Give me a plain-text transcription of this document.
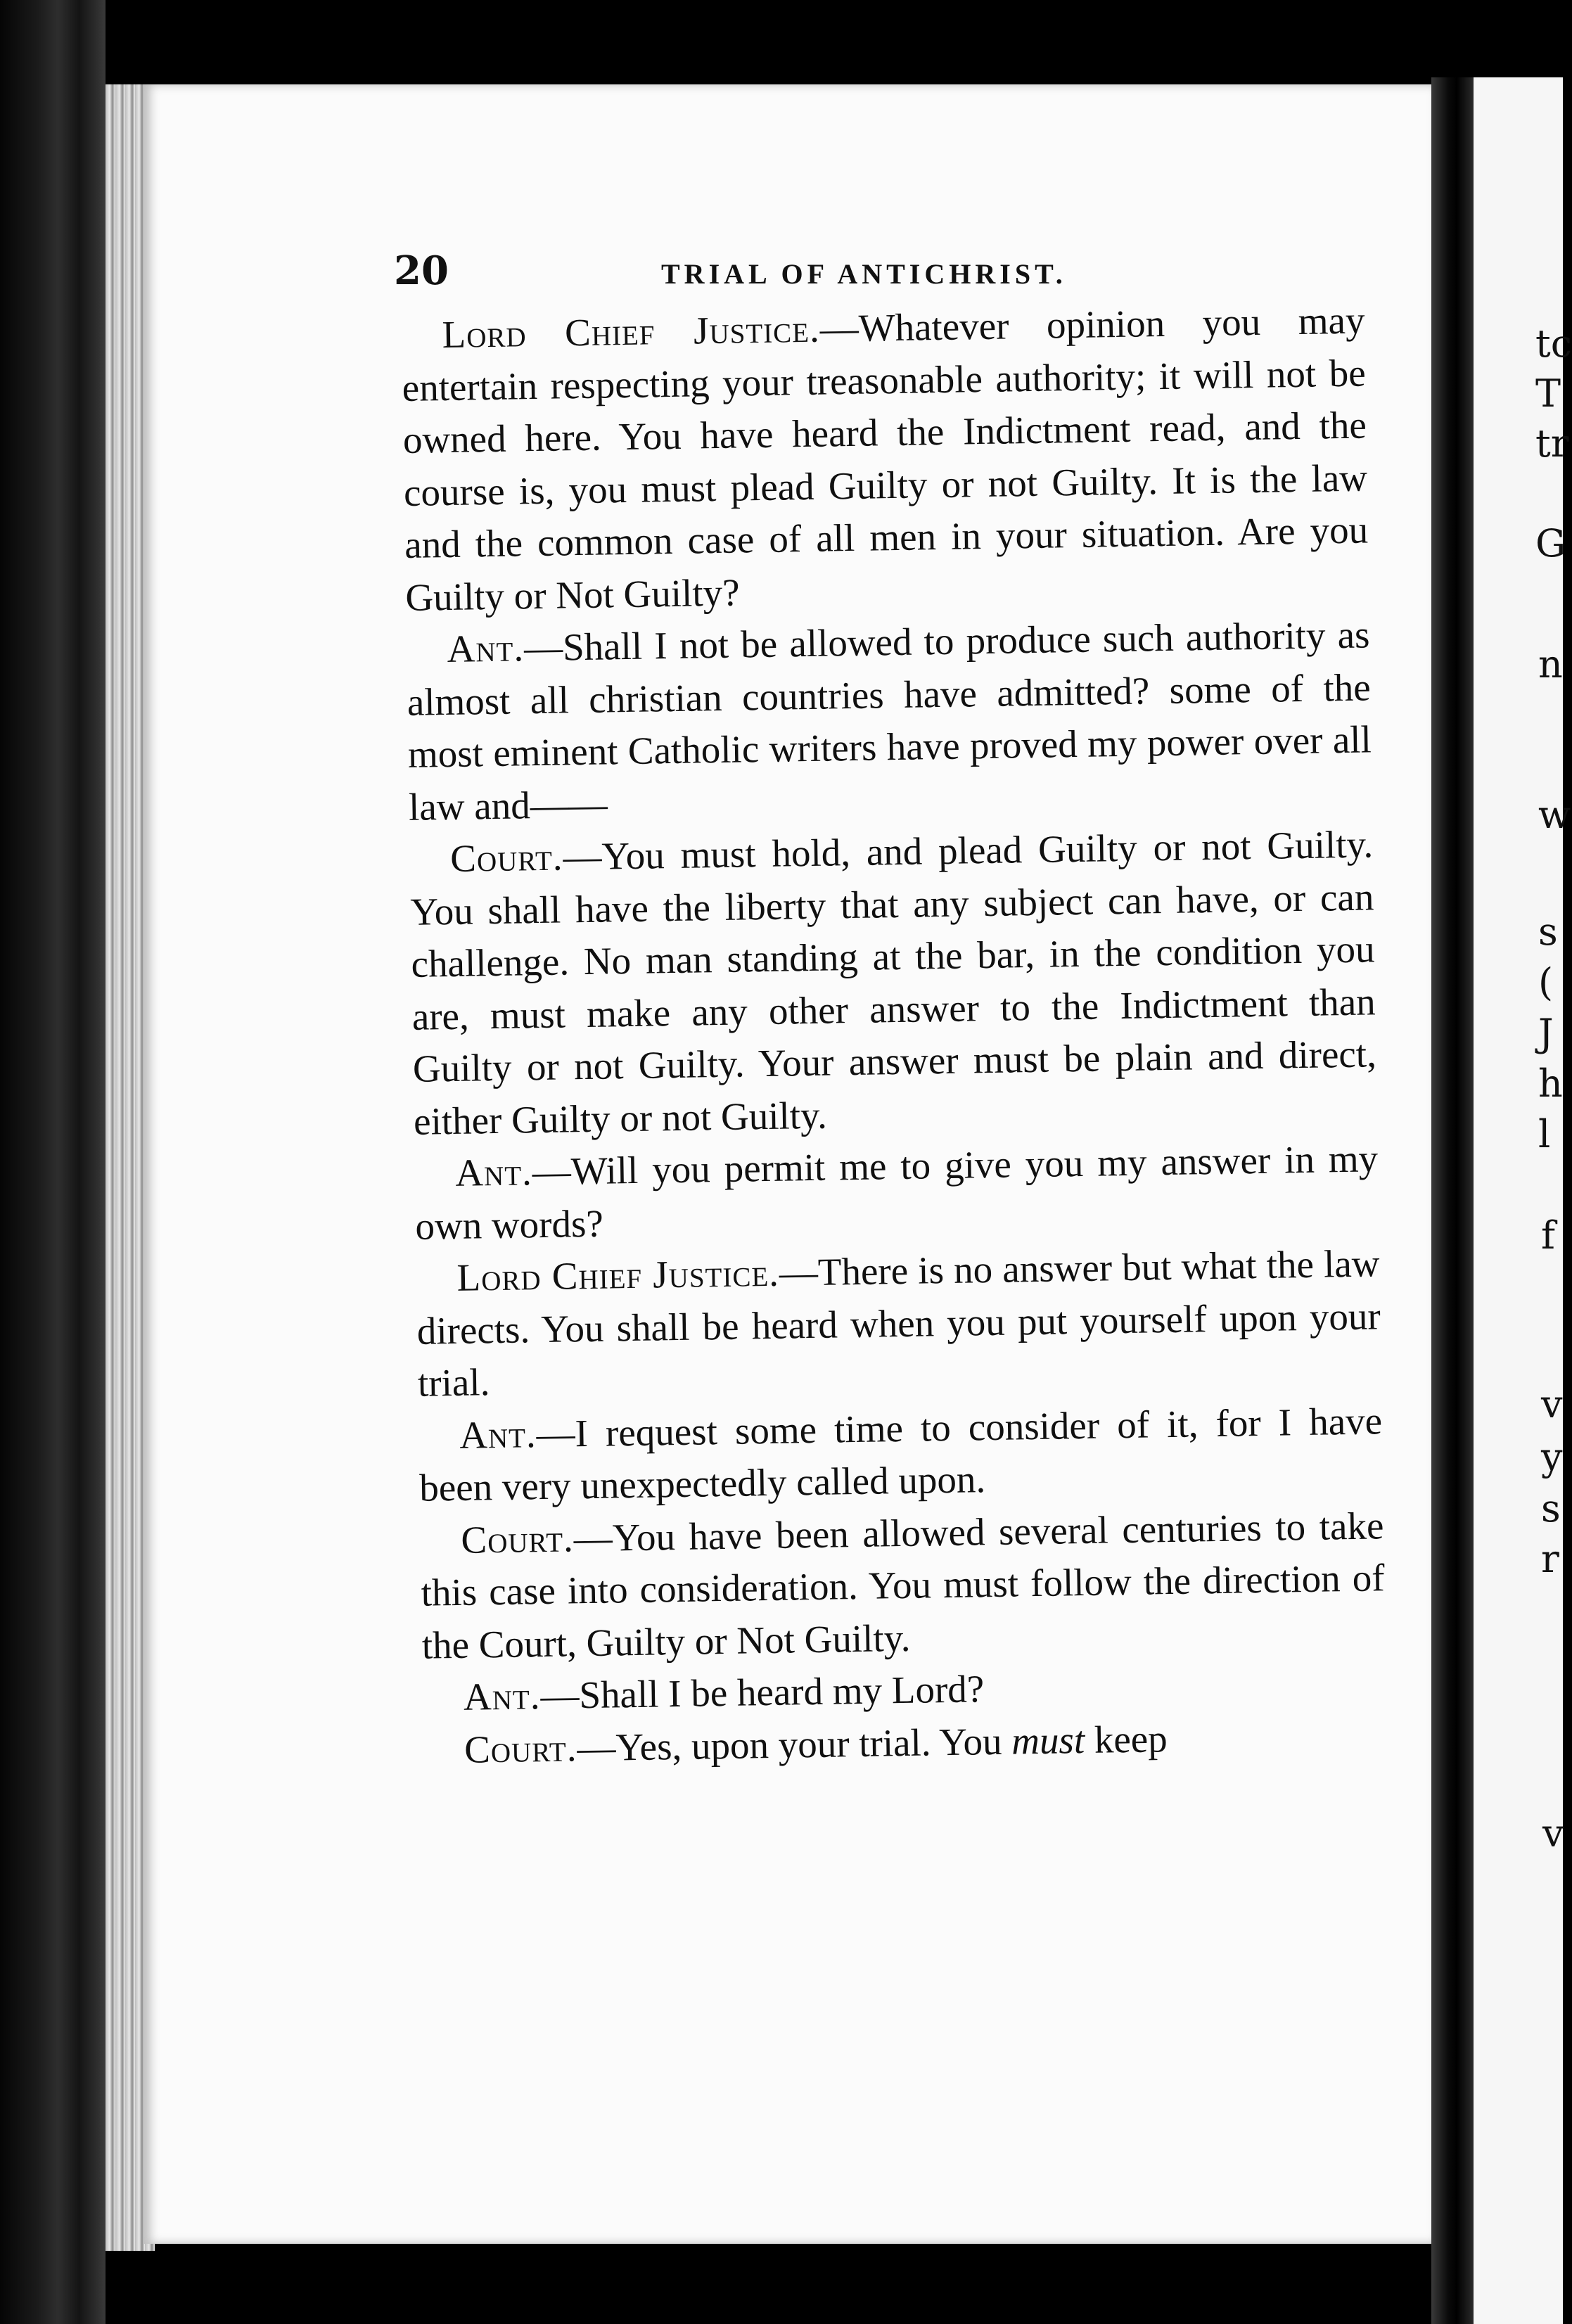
20	TRIAL OF ANTICHRIST.

Lord Chief Justice.—Whatever opinion you may entertain respecting your treasonable authority; it will not be owned here. You have heard the Indictment read, and the course is, you must plead Guilty or not Guilty. It is the law and the common case of all men in your situation. Are you Guilty or Not Guilty?

Ant.—Shall I not be allowed to produce such authority as almost all christian countries have admitted? some of the most eminent Catholic writers have proved my power over all law and——

Court.—You must hold, and plead Guilty or not Guilty. You shall have the liberty that any subject can have, or can challenge. No man standing at the bar, in the condition you are, must make any other answer to the Indictment than Guilty or not Guilty. Your answer must be plain and direct, either Guilty or not Guilty.

Ant.—Will you permit me to give you my answer in my own words?

Lord Chief Justice.—There is no answer but what the law directs. You shall be heard when you put yourself upon your trial.

Ant.—I request some time to consider of it, for I have been very unexpectedly called upon.

Court.—You have been allowed several centuries to take this case into consideration. You must follow the direction of the Court, Guilty or Not Guilty.

Ant.—Shall I be heard my Lord?

Court.—Yes, upon your trial. You must keep

tc
T
tr
G
n
w
s
(
J
h
l
f
v
y
s
r
v
